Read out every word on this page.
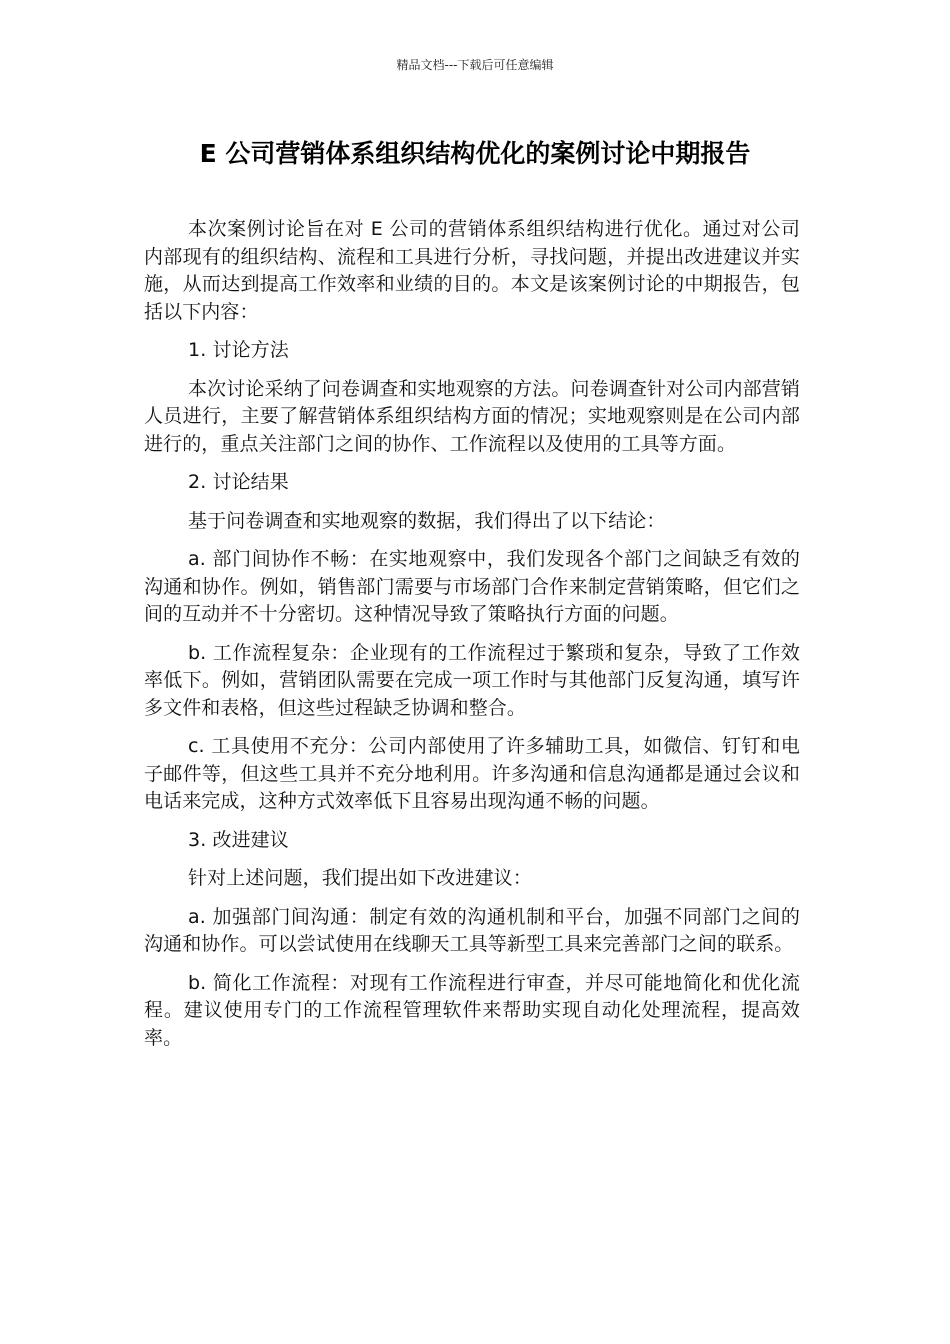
精品文档---下载后可任意编辑
E 公司营销体系组织结构优化的案例讨论中期报告

本次案例讨论旨在对 E 公司的营销体系组织结构进行优化。通过对公司内部现有的组织结构、流程和工具进行分析，寻找问题，并提出改进建议并实施，从而达到提高工作效率和业绩的目的。本文是该案例讨论的中期报告，包括以下内容：

1. 讨论方法

本次讨论采纳了问卷调查和实地观察的方法。问卷调查针对公司内部营销人员进行，主要了解营销体系组织结构方面的情况；实地观察则是在公司内部进行的，重点关注部门之间的协作、工作流程以及使用的工具等方面。

2. 讨论结果

基于问卷调查和实地观察的数据，我们得出了以下结论：

a. 部门间协作不畅：在实地观察中，我们发现各个部门之间缺乏有效的沟通和协作。例如，销售部门需要与市场部门合作来制定营销策略，但它们之间的互动并不十分密切。这种情况导致了策略执行方面的问题。

b. 工作流程复杂：企业现有的工作流程过于繁琐和复杂，导致了工作效率低下。例如，营销团队需要在完成一项工作时与其他部门反复沟通，填写许多文件和表格，但这些过程缺乏协调和整合。

c. 工具使用不充分：公司内部使用了许多辅助工具，如微信、钉钉和电子邮件等，但这些工具并不充分地利用。许多沟通和信息沟通都是通过会议和电话来完成，这种方式效率低下且容易出现沟通不畅的问题。

3. 改进建议

针对上述问题，我们提出如下改进建议：

a. 加强部门间沟通：制定有效的沟通机制和平台，加强不同部门之间的沟通和协作。可以尝试使用在线聊天工具等新型工具来完善部门之间的联系。

b. 简化工作流程：对现有工作流程进行审查，并尽可能地简化和优化流程。建议使用专门的工作流程管理软件来帮助实现自动化处理流程，提高效率。
